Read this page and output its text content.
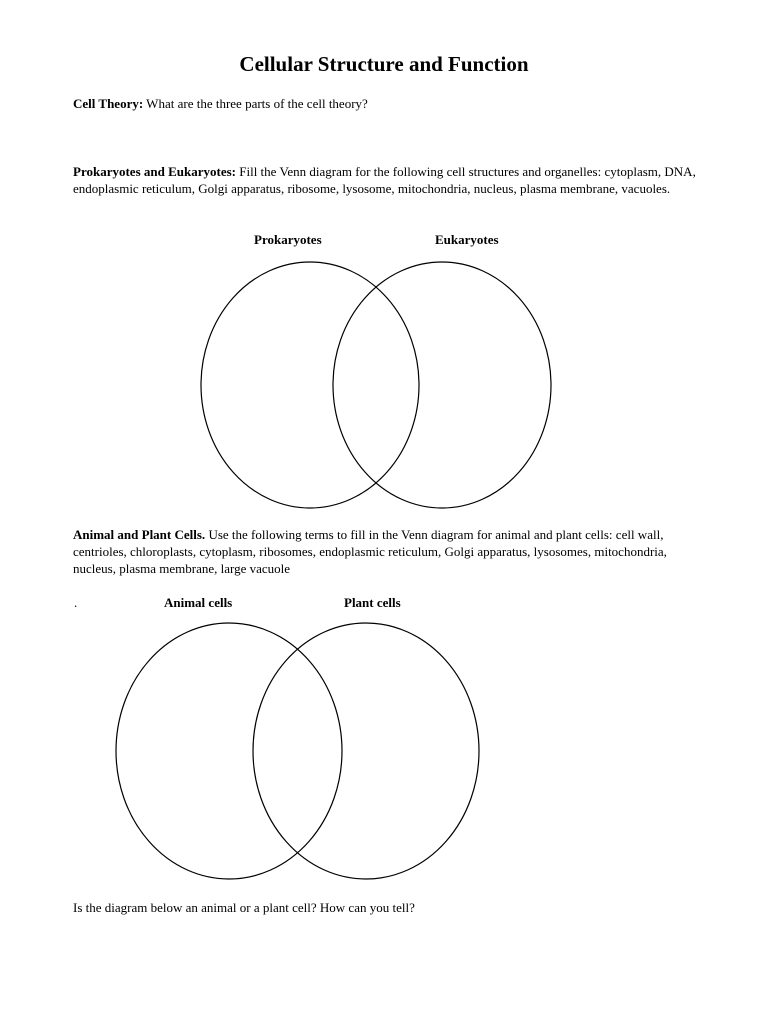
Cellular Structure and Function

Cell Theory: What are the three parts of the cell theory?

Prokaryotes and Eukaryotes: Fill the Venn diagram for the following cell structures and organelles: cytoplasm, DNA, endoplasmic reticulum, Golgi apparatus, ribosome, lysosome, mitochondria, nucleus, plasma membrane, vacuoles.

Prokaryotes	Eukaryotes

Animal and Plant Cells. Use the following terms to fill in the Venn diagram for animal and plant cells: cell wall, centrioles, chloroplasts, cytoplasm, ribosomes, endoplasmic reticulum, Golgi apparatus, lysosomes, mitochondria, nucleus, plasma membrane, large vacuole

.	Animal cells	Plant cells

Is the diagram below an animal or a plant cell? How can you tell?
